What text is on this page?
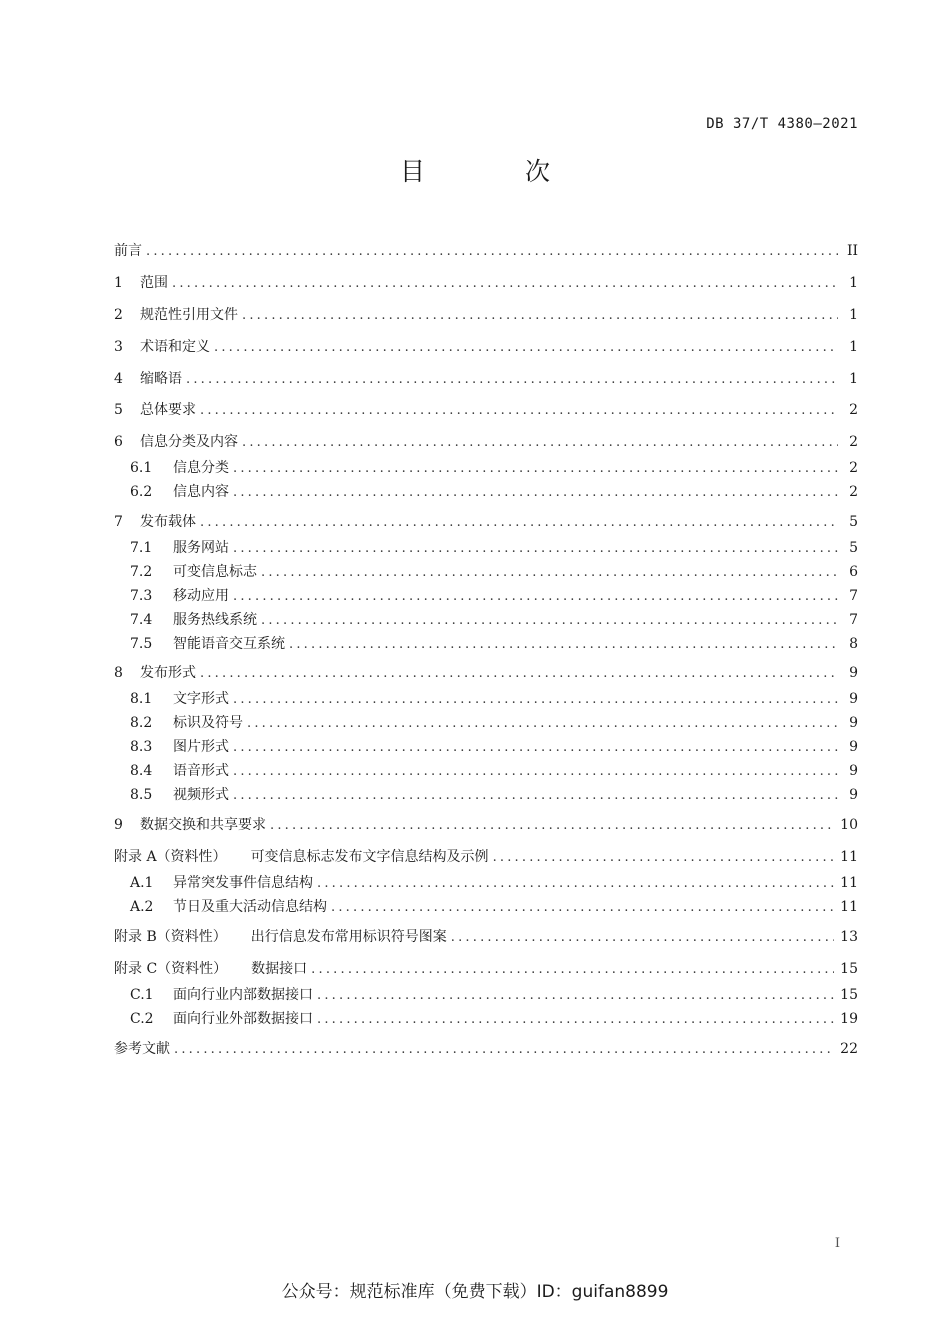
DB 37/T 4380—2021
目 次
前言 .....	II
1	范围 .....	1
2	规范性引用文件 .....	1
3	术语和定义 .....	1
4	缩略语 .....	1
5	总体要求 .....	2
6	信息分类及内容 .....	2
6.1	信息分类 .....	2
6.2	信息内容 .....	2
7	发布载体 .....	5
7.1	服务网站 .....	5
7.2	可变信息标志 .....	6
7.3	移动应用 .....	7
7.4	服务热线系统 .....	7
7.5	智能语音交互系统 .....	8
8	发布形式 .....	9
8.1	文字形式 .....	9
8.2	标识及符号 .....	9
8.3	图片形式 .....	9
8.4	语音形式 .....	9
8.5	视频形式 .....	9
9	数据交换和共享要求 .....	10
附录 A（资料性） 可变信息标志发布文字信息结构及示例 .....	11
A.1	异常突发事件信息结构 .....	11
A.2	节日及重大活动信息结构 .....	11
附录 B（资料性） 出行信息发布常用标识符号图案 .....	13
附录 C（资料性） 数据接口 .....	15
C.1	面向行业内部数据接口 .....	15
C.2	面向行业外部数据接口 .....	19
参考文献 .....	22
I
公众号：规范标准库（免费下载）ID：guifan8899
